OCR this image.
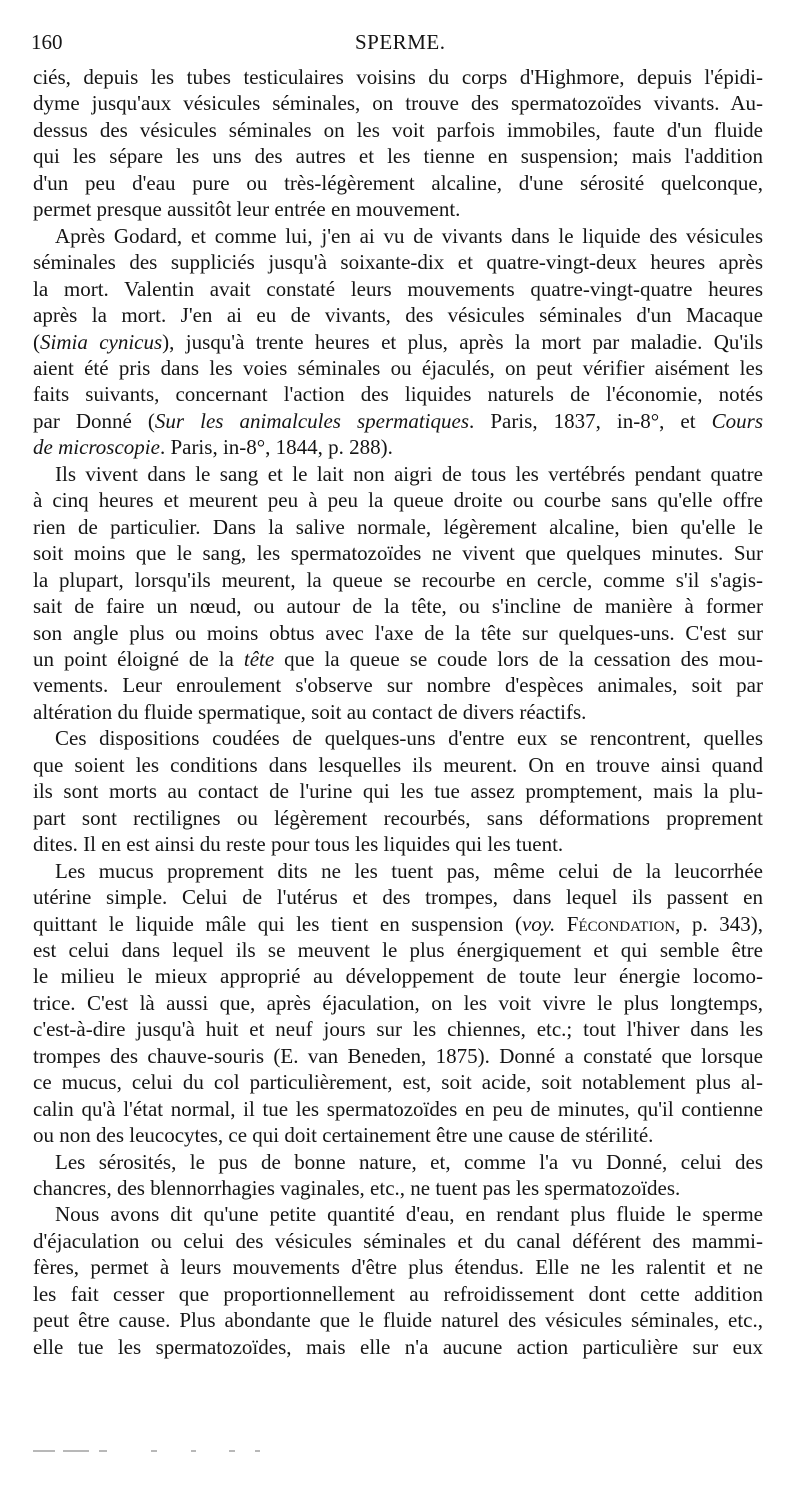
160	SPERME.
ciés, depuis les tubes testiculaires voisins du corps d'Highmore, depuis l'épidi-
dyme jusqu'aux vésicules séminales, on trouve des spermatozoïdes vivants. Au-
dessus des vésicules séminales on les voit parfois immobiles, faute d'un fluide
qui les sépare les uns des autres et les tienne en suspension; mais l'addition
d'un peu d'eau pure ou très-légèrement alcaline, d'une sérosité quelconque,
permet presque aussitôt leur entrée en mouvement.
Après Godard, et comme lui, j'en ai vu de vivants dans le liquide des vésicules
séminales des suppliciés jusqu'à soixante-dix et quatre-vingt-deux heures après
la mort. Valentin avait constaté leurs mouvements quatre-vingt-quatre heures
après la mort. J'en ai eu de vivants, des vésicules séminales d'un Macaque
(Simia cynicus), jusqu'à trente heures et plus, après la mort par maladie. Qu'ils
aient été pris dans les voies séminales ou éjaculés, on peut vérifier aisément les
faits suivants, concernant l'action des liquides naturels de l'économie, notés
par Donné (Sur les animalcules spermatiques. Paris, 1837, in-8°, et Cours
de microscopie. Paris, in-8°, 1844, p. 288).
Ils vivent dans le sang et le lait non aigri de tous les vertébrés pendant quatre
à cinq heures et meurent peu à peu la queue droite ou courbe sans qu'elle offre
rien de particulier. Dans la salive normale, légèrement alcaline, bien qu'elle le
soit moins que le sang, les spermatozoïdes ne vivent que quelques minutes. Sur
la plupart, lorsqu'ils meurent, la queue se recourbe en cercle, comme s'il s'agis-
sait de faire un nœud, ou autour de la tête, ou s'incline de manière à former
son angle plus ou moins obtus avec l'axe de la tête sur quelques-uns. C'est sur
un point éloigné de la tête que la queue se coude lors de la cessation des mou-
vements. Leur enroulement s'observe sur nombre d'espèces animales, soit par
altération du fluide spermatique, soit au contact de divers réactifs.
Ces dispositions coudées de quelques-uns d'entre eux se rencontrent, quelles
que soient les conditions dans lesquelles ils meurent. On en trouve ainsi quand
ils sont morts au contact de l'urine qui les tue assez promptement, mais la plu-
part sont rectilignes ou légèrement recourbés, sans déformations proprement
dites. Il en est ainsi du reste pour tous les liquides qui les tuent.
Les mucus proprement dits ne les tuent pas, même celui de la leucorrhée
utérine simple. Celui de l'utérus et des trompes, dans lequel ils passent en
quittant le liquide mâle qui les tient en suspension (voy. Fécondation, p. 343),
est celui dans lequel ils se meuvent le plus énergiquement et qui semble être
le milieu le mieux approprié au développement de toute leur énergie locomo-
trice. C'est là aussi que, après éjaculation, on les voit vivre le plus longtemps,
c'est-à-dire jusqu'à huit et neuf jours sur les chiennes, etc.; tout l'hiver dans les
trompes des chauve-souris (E. van Beneden, 1875). Donné a constaté que lorsque
ce mucus, celui du col particulièrement, est, soit acide, soit notablement plus al-
calin qu'à l'état normal, il tue les spermatozoïdes en peu de minutes, qu'il contienne
ou non des leucocytes, ce qui doit certainement être une cause de stérilité.
Les sérosités, le pus de bonne nature, et, comme l'a vu Donné, celui des
chancres, des blennorrhagies vaginales, etc., ne tuent pas les spermatozoïdes.
Nous avons dit qu'une petite quantité d'eau, en rendant plus fluide le sperme
d'éjaculation ou celui des vésicules séminales et du canal déférent des mammi-
fères, permet à leurs mouvements d'être plus étendus. Elle ne les ralentit et ne
les fait cesser que proportionnellement au refroidissement dont cette addition
peut être cause. Plus abondante que le fluide naturel des vésicules séminales, etc.,
elle tue les spermatozoïdes, mais elle n'a aucune action particulière sur eux
